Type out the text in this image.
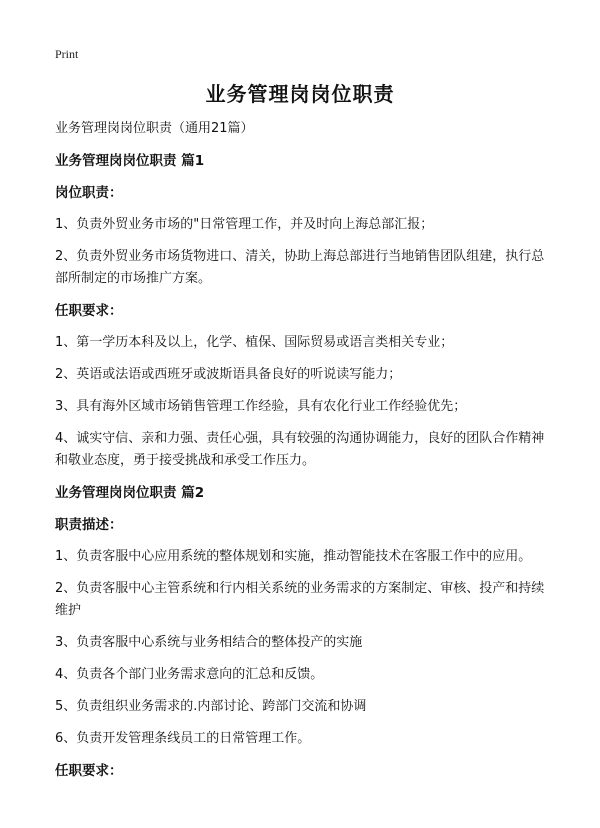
Print
业务管理岗岗位职责
业务管理岗岗位职责（通用21篇）
业务管理岗岗位职责 篇1
岗位职责：
1、负责外贸业务市场的"日常管理工作，并及时向上海总部汇报；
2、负责外贸业务市场货物进口、清关，协助上海总部进行当地销售团队组建，执行总部所制定的市场推广方案。
任职要求：
1、第一学历本科及以上，化学、植保、国际贸易或语言类相关专业；
2、英语或法语或西班牙或波斯语具备良好的听说读写能力；
3、具有海外区域市场销售管理工作经验，具有农化行业工作经验优先；
4、诚实守信、亲和力强、责任心强，具有较强的沟通协调能力，良好的团队合作精神和敬业态度，勇于接受挑战和承受工作压力。
业务管理岗岗位职责 篇2
职责描述：
1、负责客服中心应用系统的整体规划和实施，推动智能技术在客服工作中的应用。
2、负责客服中心主管系统和行内相关系统的业务需求的方案制定、审核、投产和持续维护
3、负责客服中心系统与业务相结合的整体投产的实施
4、负责各个部门业务需求意向的汇总和反馈。
5、负责组织业务需求的.内部讨论、跨部门交流和协调
6、负责开发管理条线员工的日常管理工作。
任职要求：
